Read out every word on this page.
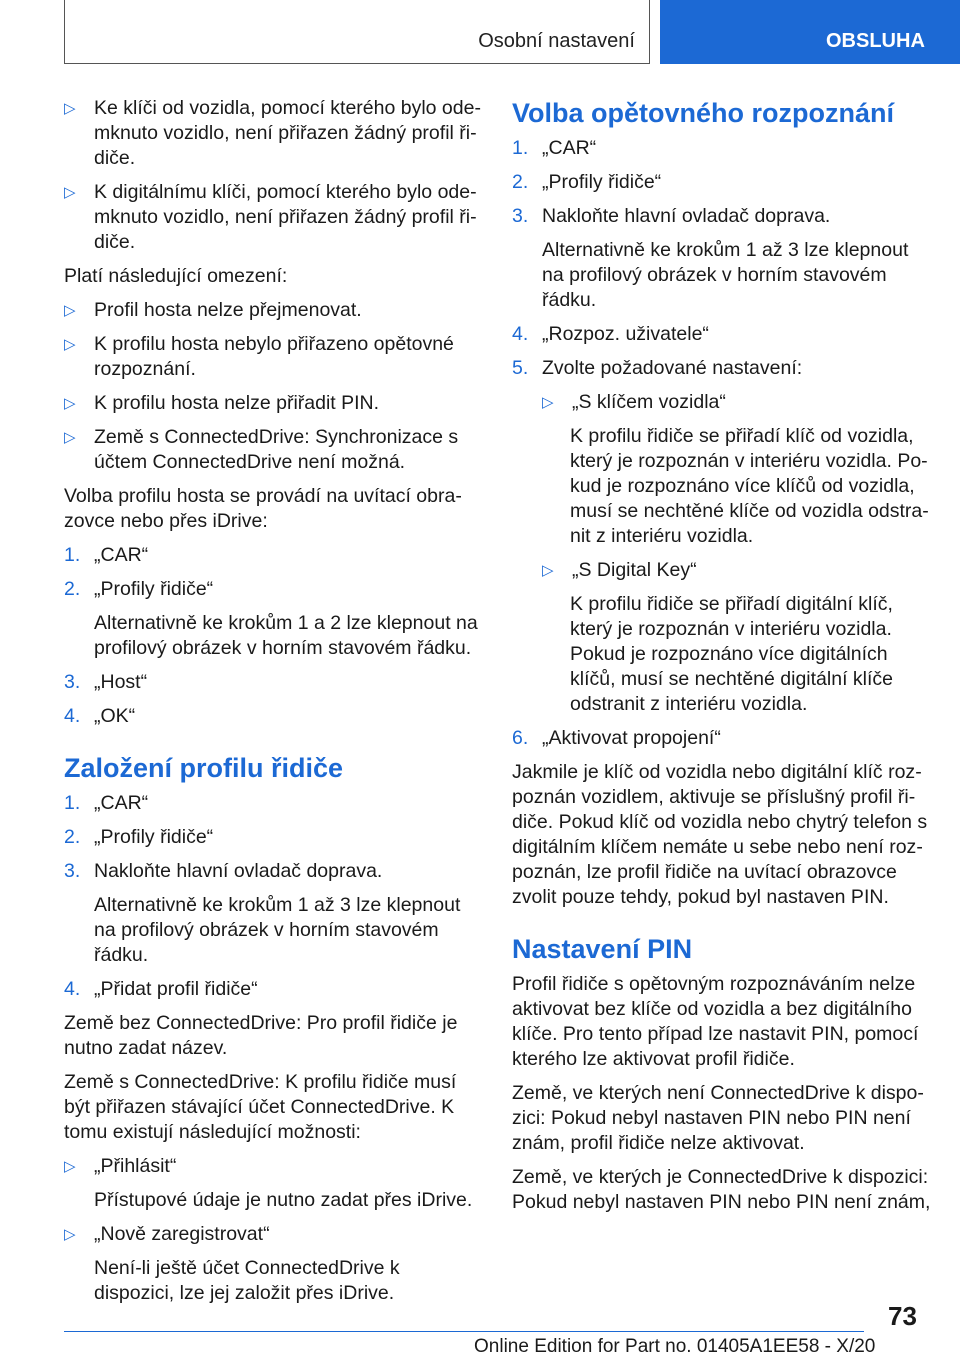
Osobní nastavení	OBSLUHA
▷ Ke klíči od vozidla, pomocí kterého bylo odemknuto vozidlo, není přiřazen žádný profil řidiče.
▷ K digitálnímu klíči, pomocí kterého bylo odemknuto vozidlo, není přiřazen žádný profil řidiče.

Platí následující omezení:

▷ Profil hosta nelze přejmenovat.
▷ K profilu hosta nebylo přiřazeno opětovné rozpoznání.
▷ K profilu hosta nelze přiřadit PIN.
▷ Země s ConnectedDrive: Synchronizace s účtem ConnectedDrive není možná.

Volba profilu hosta se provádí na uvítací obrazovce nebo přes iDrive:

1. „CAR“
2. „Profily řidiče“

Alternativně ke krokům 1 a 2 lze klepnout na profilový obrázek v horním stavovém řádku.

3. „Host“
4. „OK“
Založení profilu řidiče
1. „CAR“
2. „Profily řidiče“
3. Nakloňte hlavní ovladač doprava.

Alternativně ke krokům 1 až 3 lze klepnout na profilový obrázek v horním stavovém řádku.

4. „Přidat profil řidiče“

Země bez ConnectedDrive: Pro profil řidiče je nutno zadat název.

Země s ConnectedDrive: K profilu řidiče musí být přiřazen stávající účet ConnectedDrive. K tomu existují následující možnosti:

▷ „Přihlásit“

Přístupové údaje je nutno zadat přes iDrive.

▷ „Nově zaregistrovat“

Není-li ještě účet ConnectedDrive k dispozici, lze jej založit přes iDrive.

Volba opětovného rozpoznání
1. „CAR“
2. „Profily řidiče“
3. Nakloňte hlavní ovladač doprava.

Alternativně ke krokům 1 až 3 lze klepnout na profilový obrázek v horním stavovém řádku.

4. „Rozpoz. uživatele“
5. Zvolte požadované nastavení:
▷ „S klíčem vozidla“

K profilu řidiče se přiřadí klíč od vozidla, který je rozpoznán v interiéru vozidla. Pokud je rozpoznáno více klíčů od vozidla, musí se nechtěné klíče od vozidla odstranit z interiéru vozidla.

▷ „S Digital Key“

K profilu řidiče se přiřadí digitální klíč, který je rozpoznán v interiéru vozidla. Pokud je rozpoznáno více digitálních klíčů, musí se nechtěné digitální klíče odstranit z interiéru vozidla.

6. „Aktivovat propojení“

Jakmile je klíč od vozidla nebo digitální klíč rozpoznán vozidlem, aktivuje se příslušný profil řidiče. Pokud klíč od vozidla nebo chytrý telefon s digitálním klíčem nemáte u sebe nebo není rozpoznán, lze profil řidiče na uvítací obrazovce zvolit pouze tehdy, pokud byl nastaven PIN.

Nastavení PIN

Profil řidiče s opětovným rozpoznáváním nelze aktivovat bez klíče od vozidla a bez digitálního klíče. Pro tento případ lze nastavit PIN, pomocí kterého lze aktivovat profil řidiče.

Země, ve kterých není ConnectedDrive k dispozici: Pokud nebyl nastaven PIN nebo PIN není znám, profil řidiče nelze aktivovat.

Země, ve kterých je ConnectedDrive k dispozici: Pokud nebyl nastaven PIN nebo PIN není znám,

73
Online Edition for Part no. 01405A1EE58 - X/20
